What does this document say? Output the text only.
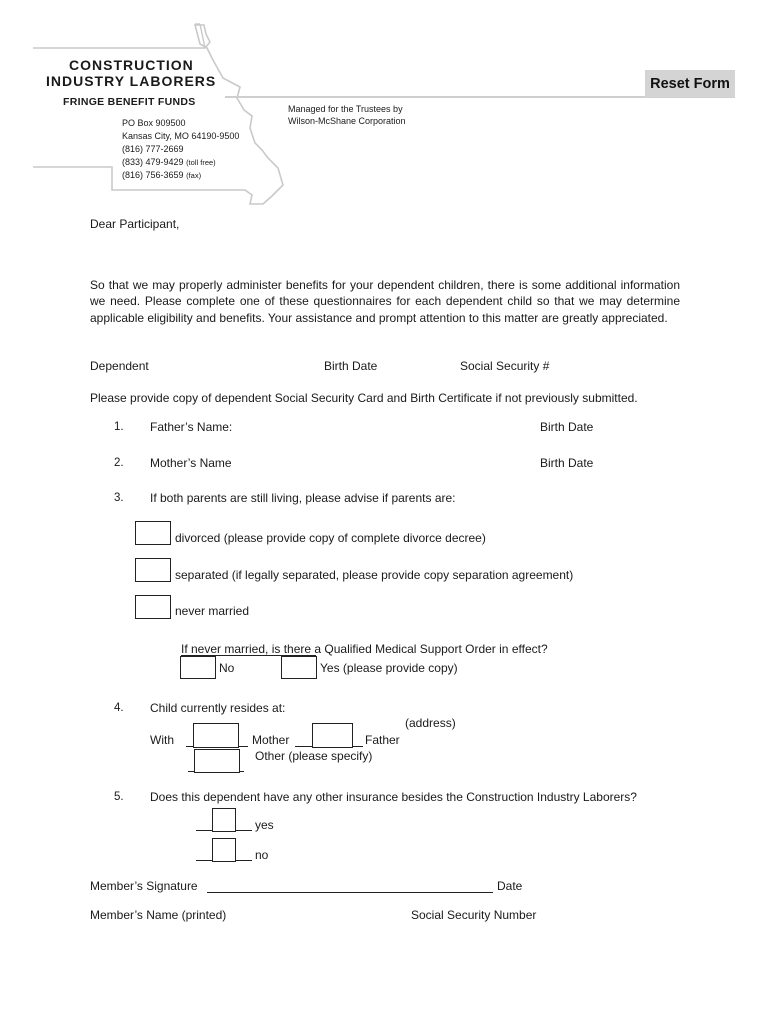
CONSTRUCTION
INDUSTRY LABORERS
FRINGE BENEFIT FUNDS
PO Box 909500
Kansas City, MO 64190-9500
(816) 777-2669
(833) 479-9429 (toll free)
(816) 756-3659 (fax)
Managed for the Trustees by
Wilson-McShane Corporation
Reset Form
Dear Participant,
So that we may properly administer benefits for your dependent children, there is some additional information we need. Please complete one of these questionnaires for each dependent child so that we may determine applicable eligibility and benefits. Your assistance and prompt attention to this matter are greatly appreciated.
Dependent	Birth Date	Social Security #
Please provide copy of dependent Social Security Card and Birth Certificate if not previously submitted.
1. Father’s Name:	Birth Date
2. Mother’s Name	Birth Date
3. If both parents are still living, please advise if parents are:
divorced (please provide copy of complete divorce decree)
separated (if legally separated, please provide copy separation agreement)
never married
If never married, is there a Qualified Medical Support Order in effect?
No	Yes (please provide copy)
4. Child currently resides at:
(address)
With	Mother	Father
Other (please specify)
5. Does this dependent have any other insurance besides the Construction Industry Laborers?
yes
no
Member’s Signature	Date
Member’s Name (printed)	Social Security Number
